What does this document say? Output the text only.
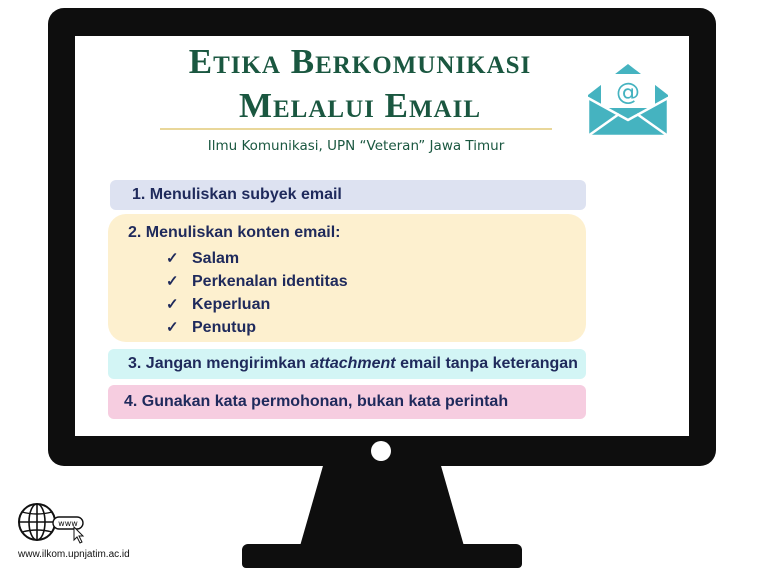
Etika Berkomunikasi
Melalui Email
Ilmu Komunikasi, UPN “Veteran” Jawa Timur
@
1. Menuliskan subyek email
2. Menuliskan konten email:
✓ Salam
✓ Perkenalan identitas
✓ Keperluan
✓ Penutup
3. Jangan mengirimkan attachment email tanpa keterangan
4. Gunakan kata permohonan, bukan kata perintah
www
www.ilkom.upnjatim.ac.id
